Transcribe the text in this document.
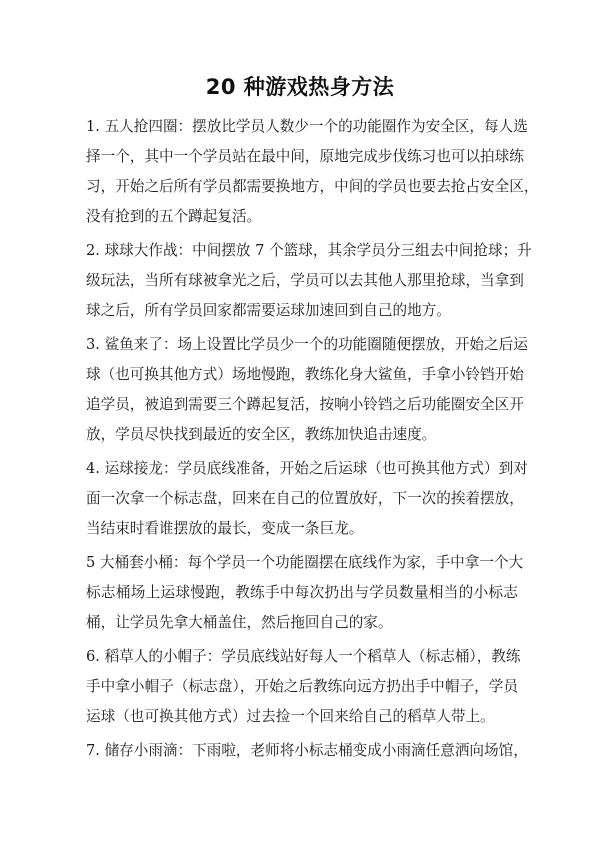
20 种游戏热身方法
1. 五人抢四圈：摆放比学员人数少一个的功能圈作为安全区，每人选
择一个，其中一个学员站在最中间，原地完成步伐练习也可以拍球练
习，开始之后所有学员都需要换地方，中间的学员也要去抢占安全区，
没有抢到的五个蹲起复活。
2. 球球大作战：中间摆放 7 个篮球，其余学员分三组去中间抢球；升
级玩法，当所有球被拿光之后，学员可以去其他人那里抢球，当拿到
球之后，所有学员回家都需要运球加速回到自己的地方。
3. 鲨鱼来了：场上设置比学员少一个的功能圈随便摆放，开始之后运
球（也可换其他方式）场地慢跑，教练化身大鲨鱼，手拿小铃铛开始
追学员，被追到需要三个蹲起复活，按响小铃铛之后功能圈安全区开
放，学员尽快找到最近的安全区，教练加快追击速度。
4. 运球接龙：学员底线准备，开始之后运球（也可换其他方式）到对
面一次拿一个标志盘，回来在自己的位置放好，下一次的挨着摆放，
当结束时看谁摆放的最长，变成一条巨龙。
5 大桶套小桶：每个学员一个功能圈摆在底线作为家，手中拿一个大
标志桶场上运球慢跑，教练手中每次扔出与学员数量相当的小标志
桶，让学员先拿大桶盖住，然后拖回自己的家。
6. 稻草人的小帽子：学员底线站好每人一个稻草人（标志桶），教练
手中拿小帽子（标志盘），开始之后教练向远方扔出手中帽子，学员
运球（也可换其他方式）过去捡一个回来给自己的稻草人带上。
7. 储存小雨滴：下雨啦，老师将小标志桶变成小雨滴任意洒向场馆，
